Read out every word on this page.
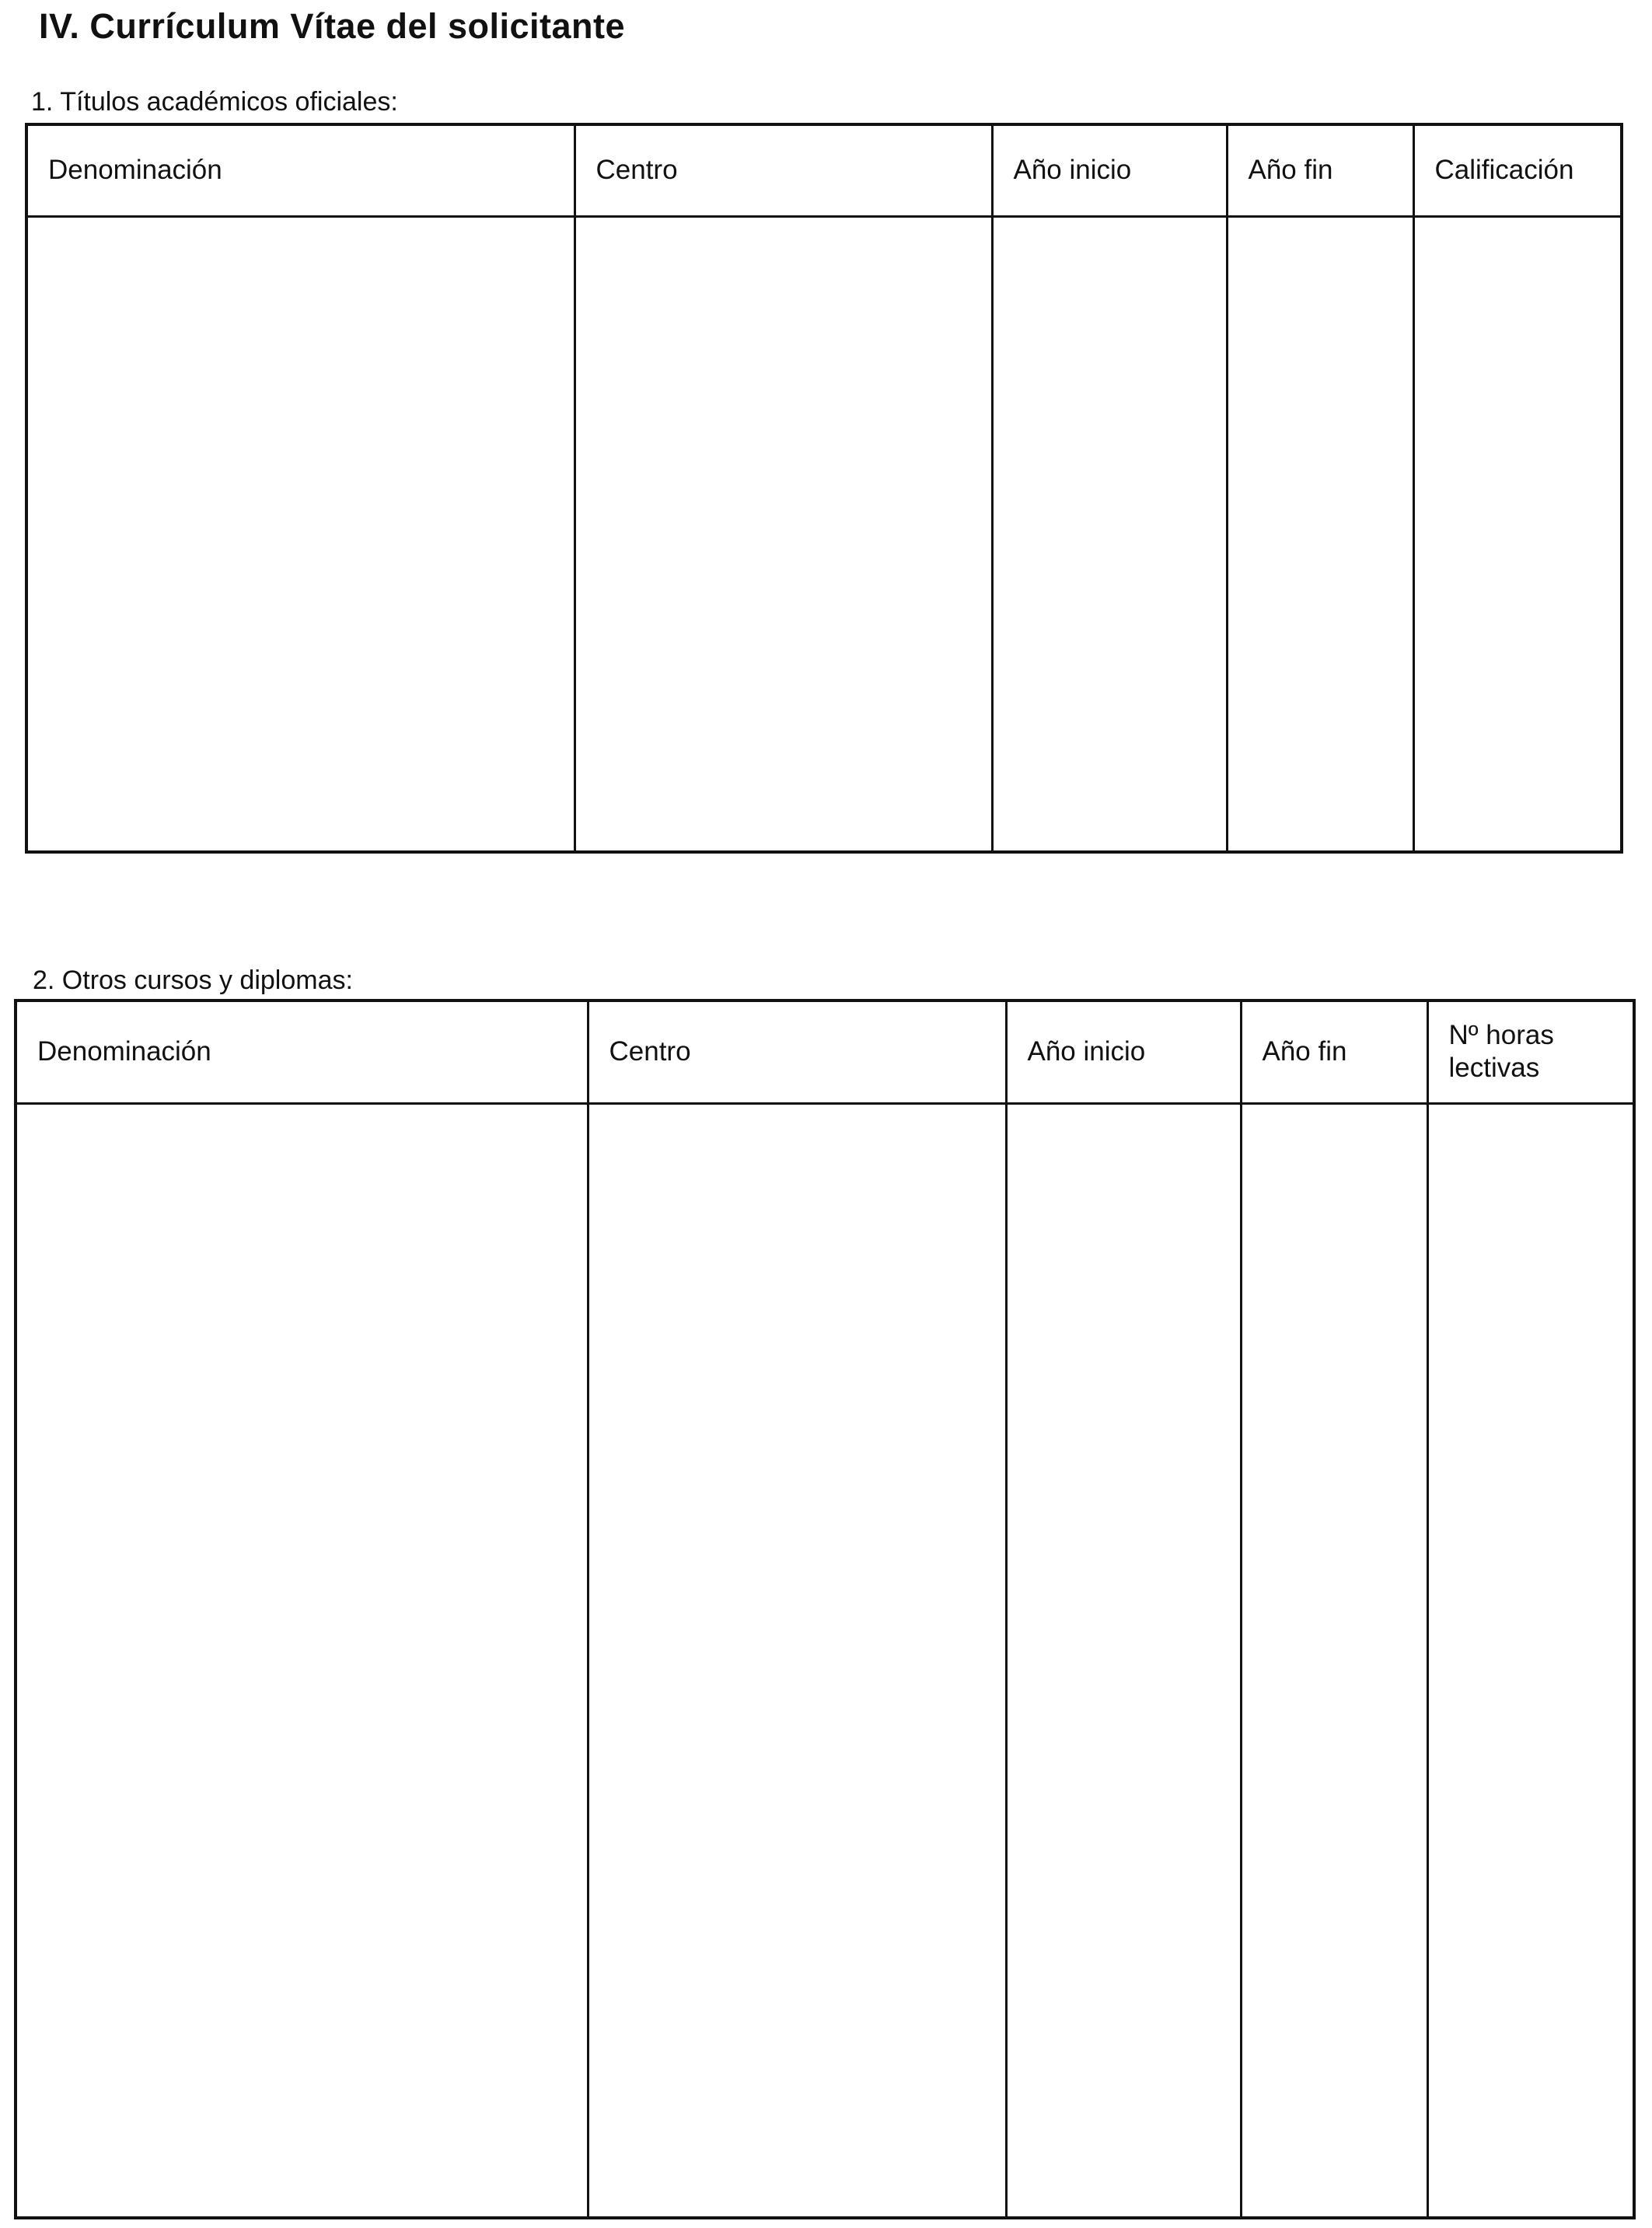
IV. Currículum Vítae del solicitante
1. Títulos académicos oficiales:
Denominación	Centro	Año inicio	Año fin	Calificación

2. Otros cursos y diplomas:
Denominación	Centro	Año inicio	Año fin	Nº horas
lectivas
